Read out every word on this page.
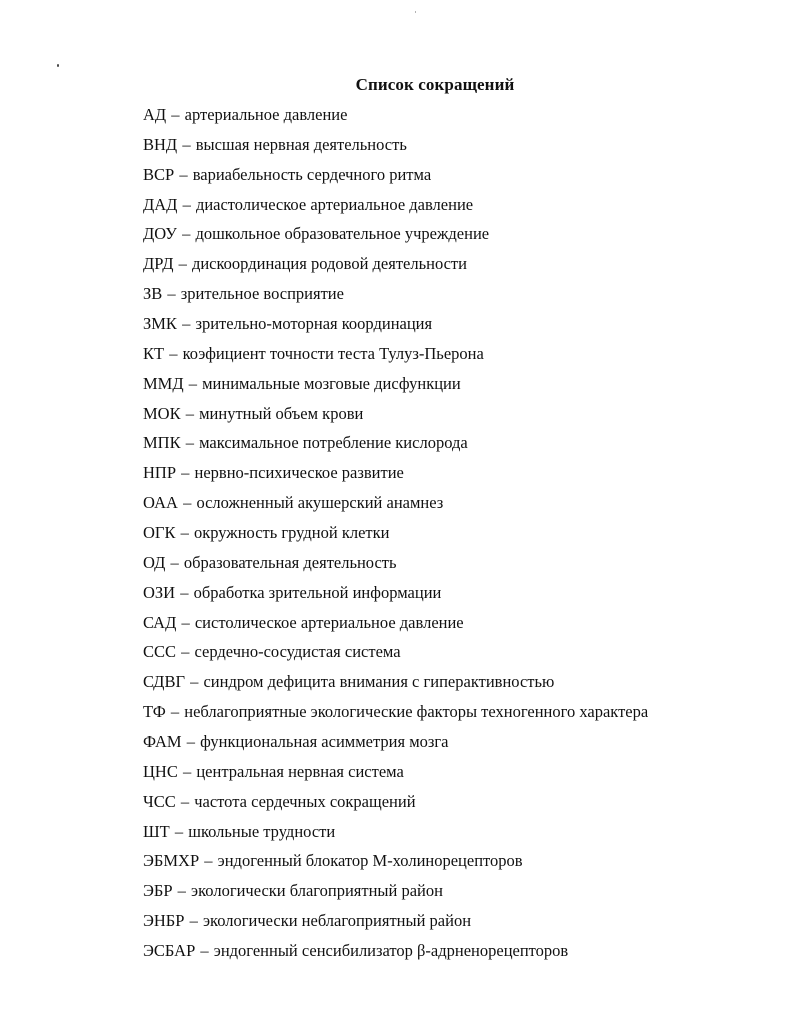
Список сокращений
АД – артериальное давление
ВНД – высшая нервная деятельность
ВСР – вариабельность сердечного ритма
ДАД – диастолическое артериальное давление
ДОУ – дошкольное образовательное учреждение
ДРД – дискоординация родовой деятельности
ЗВ – зрительное восприятие
ЗМК – зрительно-моторная координация
КТ – коэфициент точности теста Тулуз-Пьерона
ММД – минимальные мозговые дисфункции
МОК – минутный объем крови
МПК – максимальное потребление кислорода
НПР – нервно-психическое развитие
ОАА – осложненный акушерский анамнез
ОГК – окружность грудной клетки
ОД – образовательная деятельность
ОЗИ – обработка зрительной информации
САД – систолическое артериальное давление
ССС – сердечно-сосудистая система
СДВГ – синдром дефицита внимания с гиперактивностью
ТФ – неблагоприятные экологические факторы техногенного характера
ФАМ – функциональная асимметрия мозга
ЦНС – центральная нервная система
ЧСС – частота сердечных сокращений
ШТ – школьные трудности
ЭБМХР – эндогенный блокатор М-холинорецепторов
ЭБР – экологически благоприятный район
ЭНБР – экологически неблагоприятный район
ЭСБАР – эндогенный сенсибилизатор β-адрненорецепторов
